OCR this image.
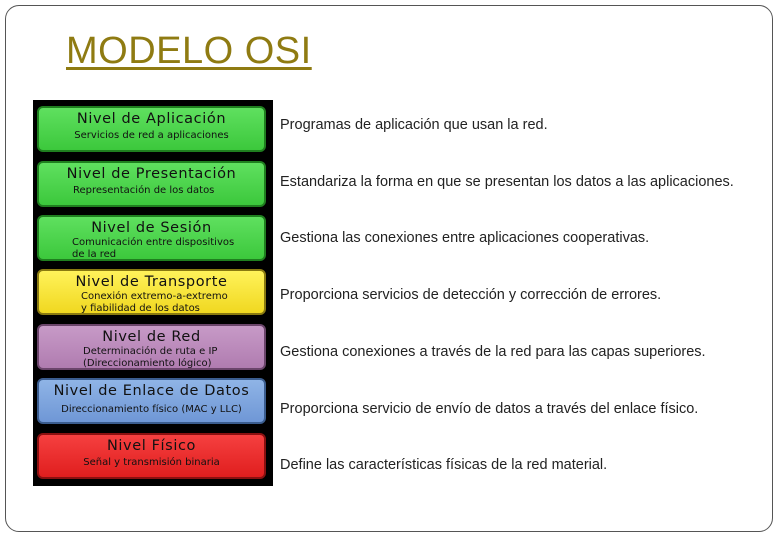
MODELO OSI
Nivel de Aplicación
Servicios de red a aplicaciones
Nivel de Presentación
Representación de los datos
Nivel de Sesión
Comunicación entre dispositivos
de la red
Nivel de Transporte
Conexión extremo-a-extremo
y fiabilidad de los datos
Nivel de Red
Determinación de ruta e IP
(Direccionamiento lógico)
Nivel de Enlace de Datos
Direccionamiento físico (MAC y LLC)
Nivel Físico
Señal y transmisión binaria
Programas de aplicación que usan la red.
Estandariza la forma en que se presentan los datos a las aplicaciones.
Gestiona las conexiones entre aplicaciones cooperativas.
Proporciona servicios de detección y corrección de errores.
Gestiona conexiones a través de la red para las capas superiores.
Proporciona servicio de envío de datos a través del enlace físico.
Define las características físicas de la red material.
